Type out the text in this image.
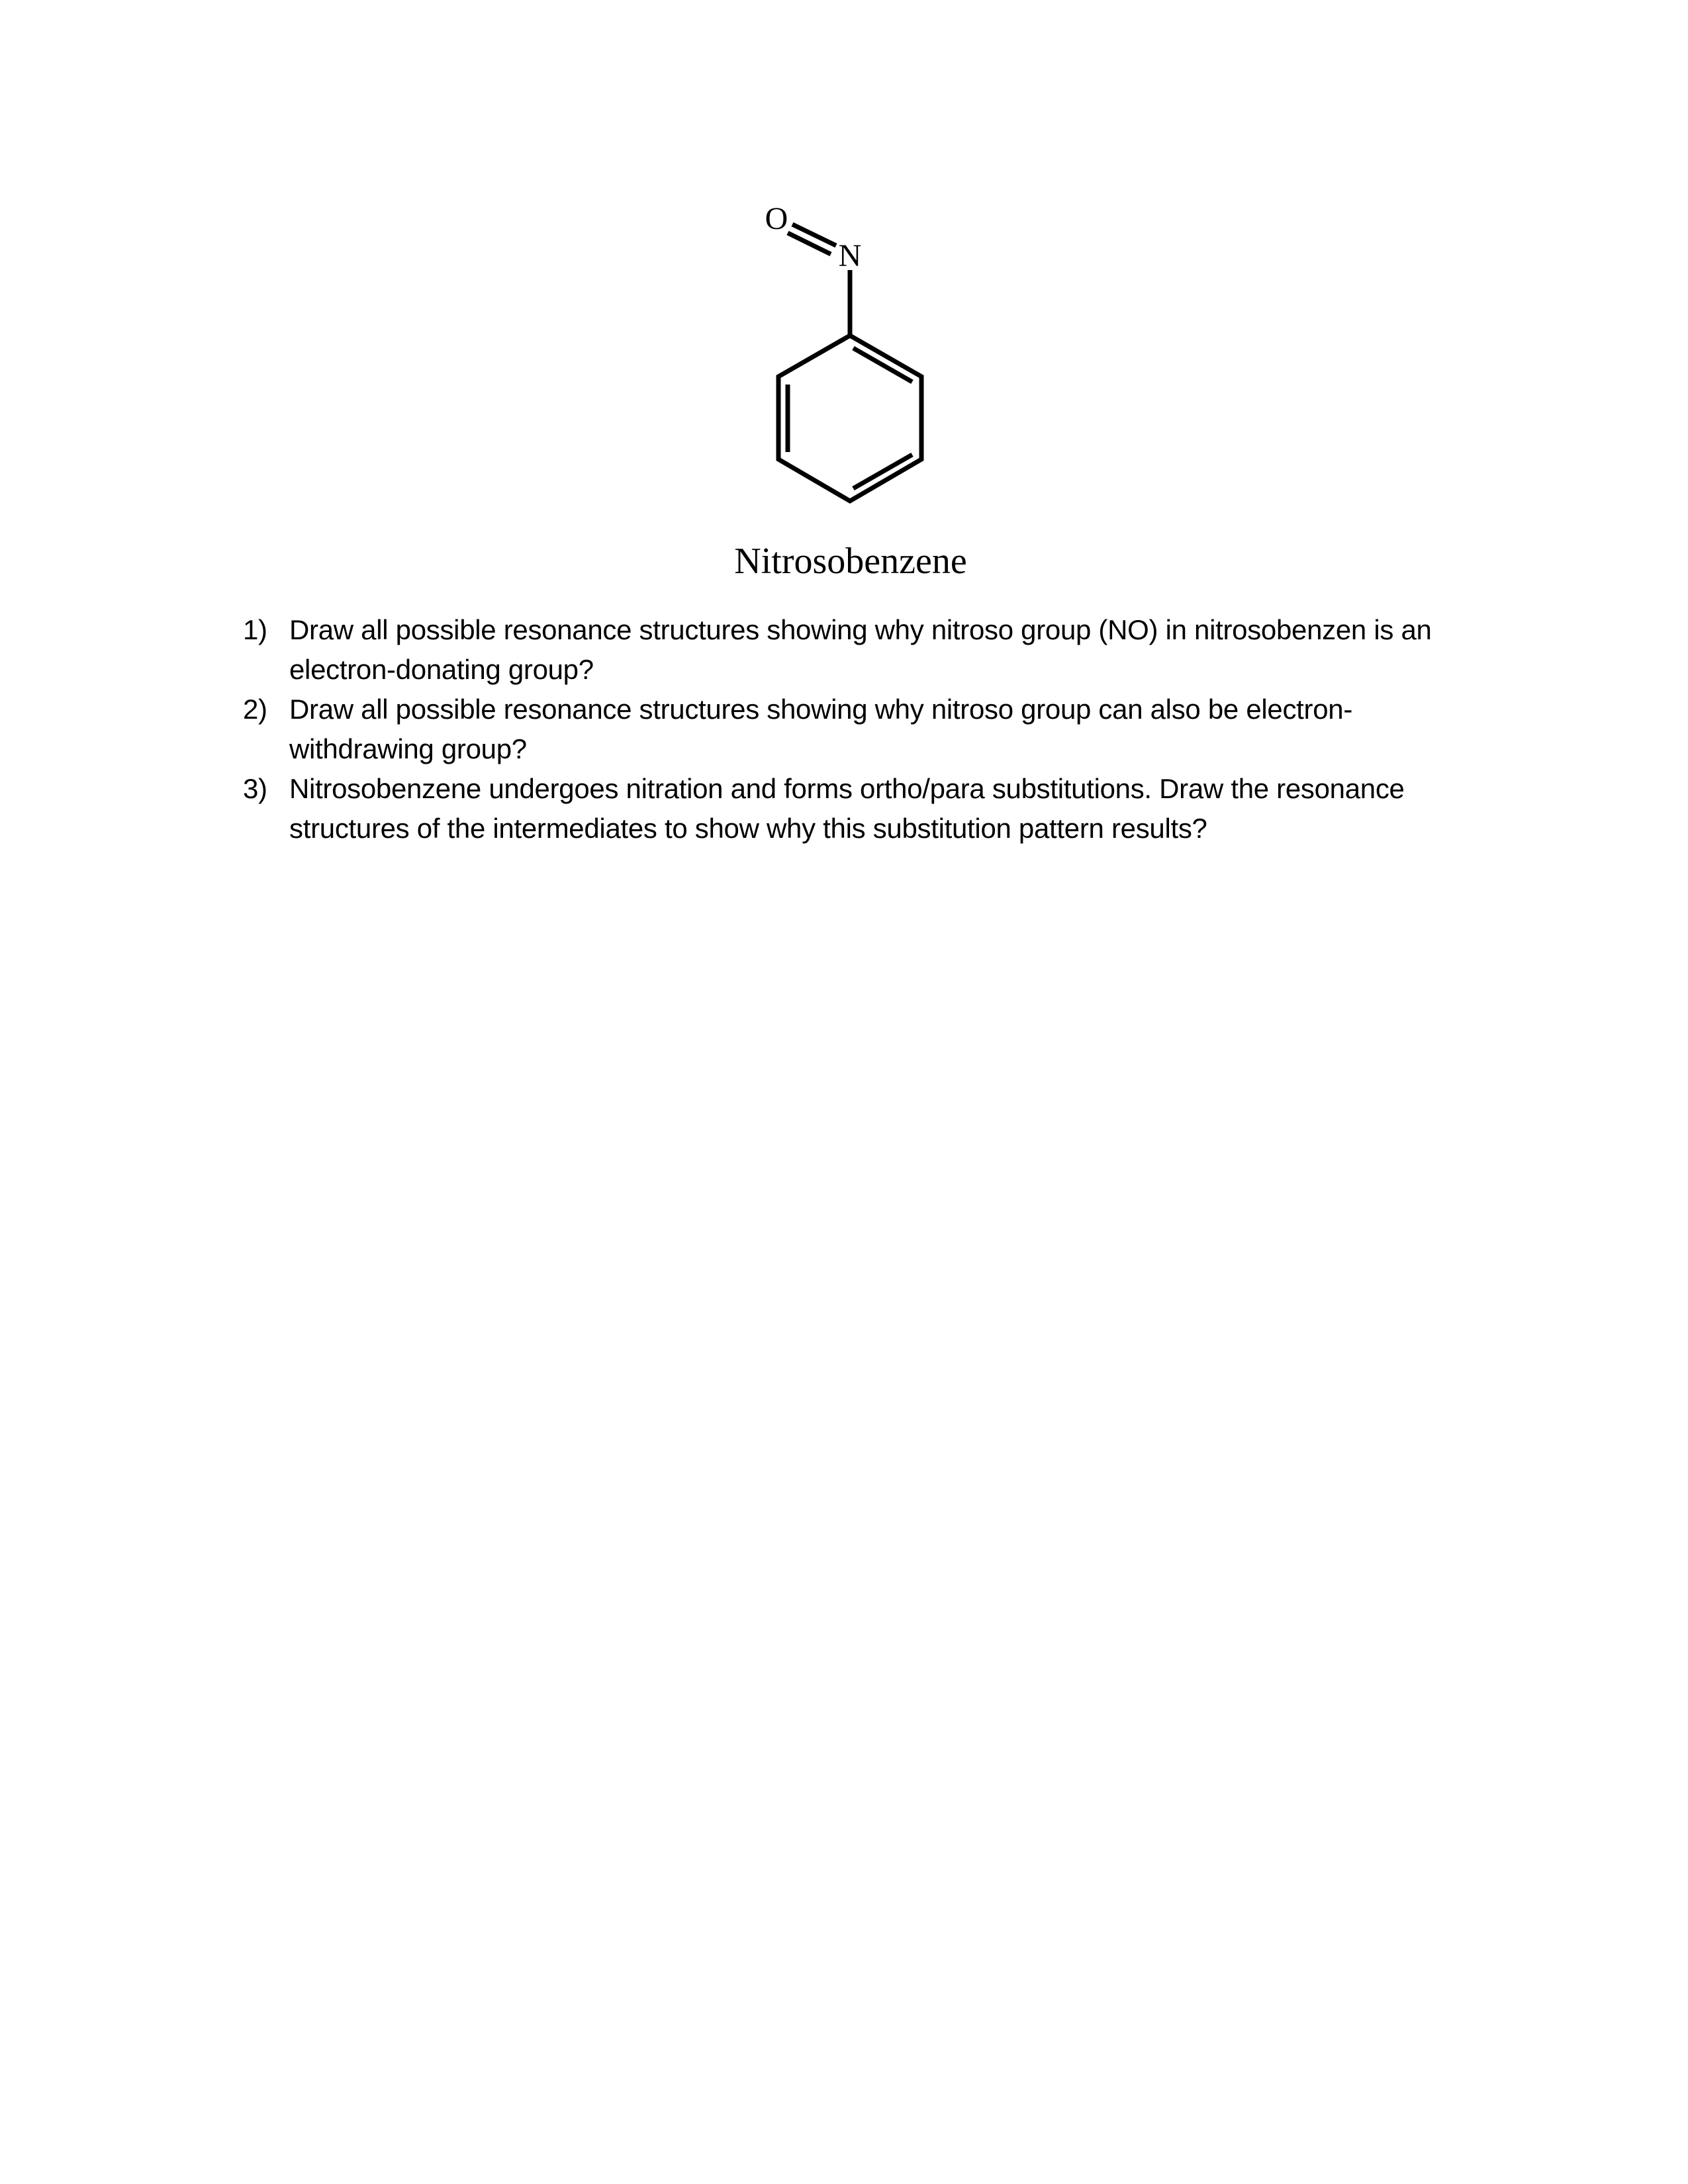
O
N
Nitrosobenzene
1) Draw all possible resonance structures showing why nitroso group (NO) in nitrosobenzen is an
electron-donating group?
2) Draw all possible resonance structures showing why nitroso group can also be electron-
withdrawing group?
3) Nitrosobenzene undergoes nitration and forms ortho/para substitutions. Draw the resonance
structures of the intermediates to show why this substitution pattern results?
